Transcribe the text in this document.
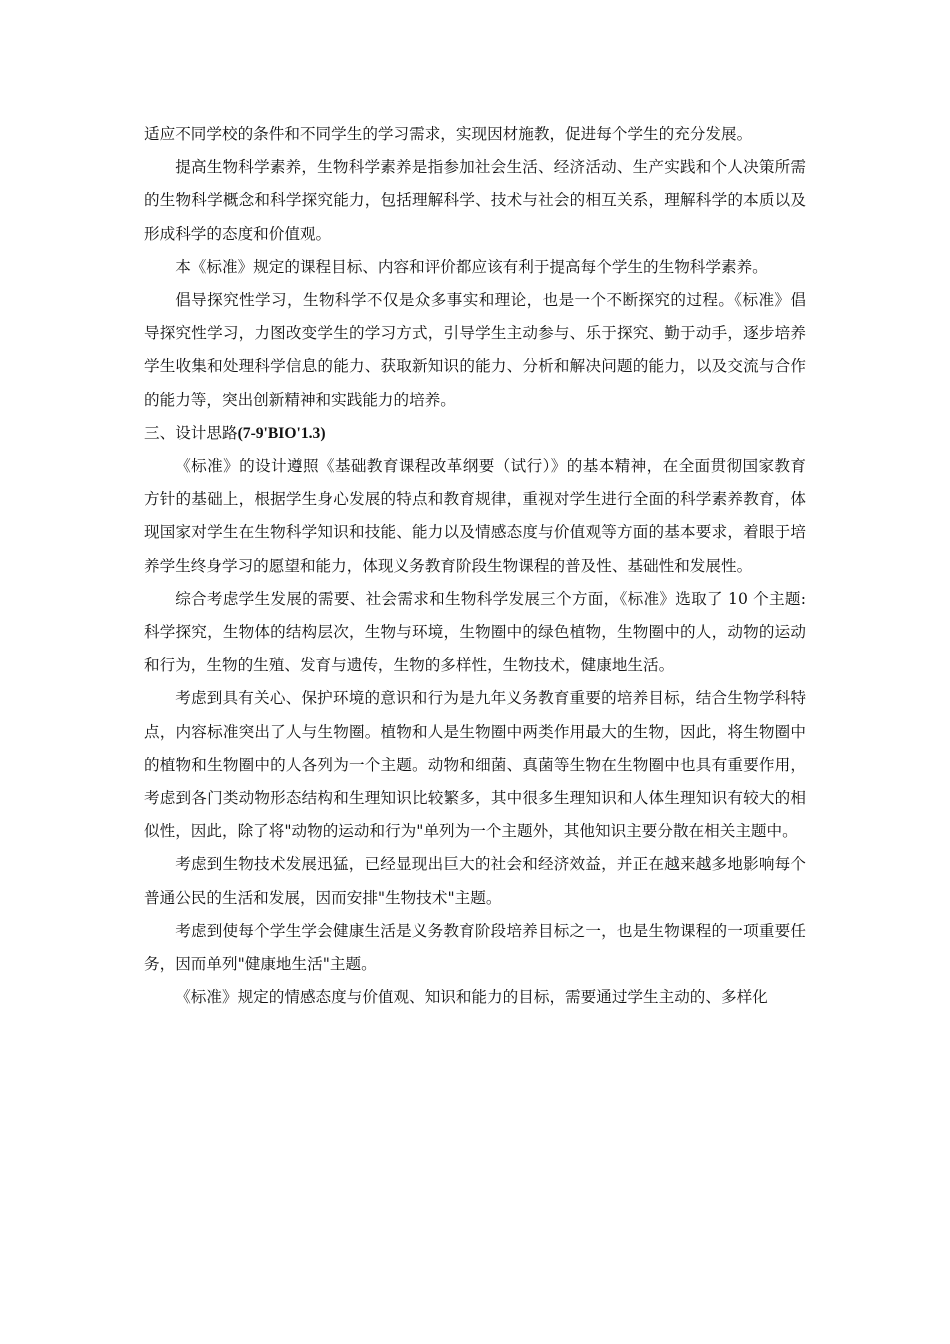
适应不同学校的条件和不同学生的学习需求，实现因材施教，促进每个学生的充分发展。

提高生物科学素养，生物科学素养是指参加社会生活、经济活动、生产实践和个人决策所需的生物科学概念和科学探究能力，包括理解科学、技术与社会的相互关系，理解科学的本质以及形成科学的态度和价值观。

本《标准》规定的课程目标、内容和评价都应该有利于提高每个学生的生物科学素养。

倡导探究性学习，生物科学不仅是众多事实和理论，也是一个不断探究的过程。《标准》倡导探究性学习，力图改变学生的学习方式，引导学生主动参与、乐于探究、勤于动手，逐步培养学生收集和处理科学信息的能力、获取新知识的能力、分析和解决问题的能力，以及交流与合作的能力等，突出创新精神和实践能力的培养。

三、设计思路(7-9'BIO'1.3)

《标准》的设计遵照《基础教育课程改革纲要（试行）》的基本精神，在全面贯彻国家教育方针的基础上，根据学生身心发展的特点和教育规律，重视对学生进行全面的科学素养教育，体现国家对学生在生物科学知识和技能、能力以及情感态度与价值观等方面的基本要求，着眼于培养学生终身学习的愿望和能力，体现义务教育阶段生物课程的普及性、基础性和发展性。

综合考虑学生发展的需要、社会需求和生物科学发展三个方面，《标准》选取了 10 个主题:科学探究，生物体的结构层次，生物与环境，生物圈中的绿色植物，生物圈中的人，动物的运动和行为，生物的生殖、发育与遗传，生物的多样性，生物技术，健康地生活。

考虑到具有关心、保护环境的意识和行为是九年义务教育重要的培养目标，结合生物学科特点，内容标准突出了人与生物圈。植物和人是生物圈中两类作用最大的生物，因此，将生物圈中的植物和生物圈中的人各列为一个主题。动物和细菌、真菌等生物在生物圈中也具有重要作用，考虑到各门类动物形态结构和生理知识比较繁多，其中很多生理知识和人体生理知识有较大的相似性，因此，除了将"动物的运动和行为"单列为一个主题外，其他知识主要分散在相关主题中。

考虑到生物技术发展迅猛，已经显现出巨大的社会和经济效益，并正在越来越多地影响每个普通公民的生活和发展，因而安排"生物技术"主题。

考虑到使每个学生学会健康生活是义务教育阶段培养目标之一，也是生物课程的一项重要任务，因而单列"健康地生活"主题。

《标准》规定的情感态度与价值观、知识和能力的目标，需要通过学生主动的、多样化
